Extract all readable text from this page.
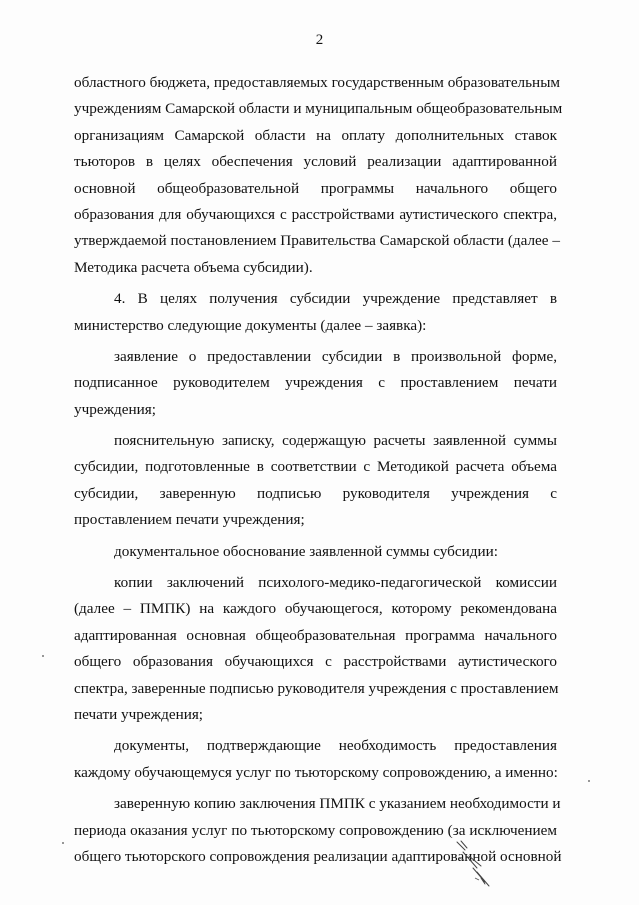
2
областного бюджета, предоставляемых государственным образовательным
учреждениям Самарской области и муниципальным общеобразовательным
организациям Самарской области на оплату дополнительных ставок
тьюторов в целях обеспечения условий реализации адаптированной
основной общеобразовательной программы начального общего
образования для обучающихся с расстройствами аутистического спектра,
утверждаемой постановлением Правительства Самарской области (далее –
Методика расчета объема субсидии).
4. В целях получения субсидии учреждение представляет в
министерство следующие документы (далее – заявка):
заявление о предоставлении субсидии в произвольной форме,
подписанное руководителем учреждения с проставлением печати
учреждения;
пояснительную записку, содержащую расчеты заявленной суммы
субсидии, подготовленные в соответствии с Методикой расчета объема
субсидии, заверенную подписью руководителя учреждения с
проставлением печати учреждения;
документальное обоснование заявленной суммы субсидии:
копии заключений психолого-медико-педагогической комиссии
(далее – ПМПК) на каждого обучающегося, которому рекомендована
адаптированная основная общеобразовательная программа начального
общего образования обучающихся с расстройствами аутистического
спектра, заверенные подписью руководителя учреждения с проставлением
печати учреждения;
документы, подтверждающие необходимость предоставления
каждому обучающемуся услуг по тьюторскому сопровождению, а именно:
заверенную копию заключения ПМПК с указанием необходимости и
периода оказания услуг по тьюторскому сопровождению (за исключением
общего тьюторского сопровождения реализации адаптированной основной
